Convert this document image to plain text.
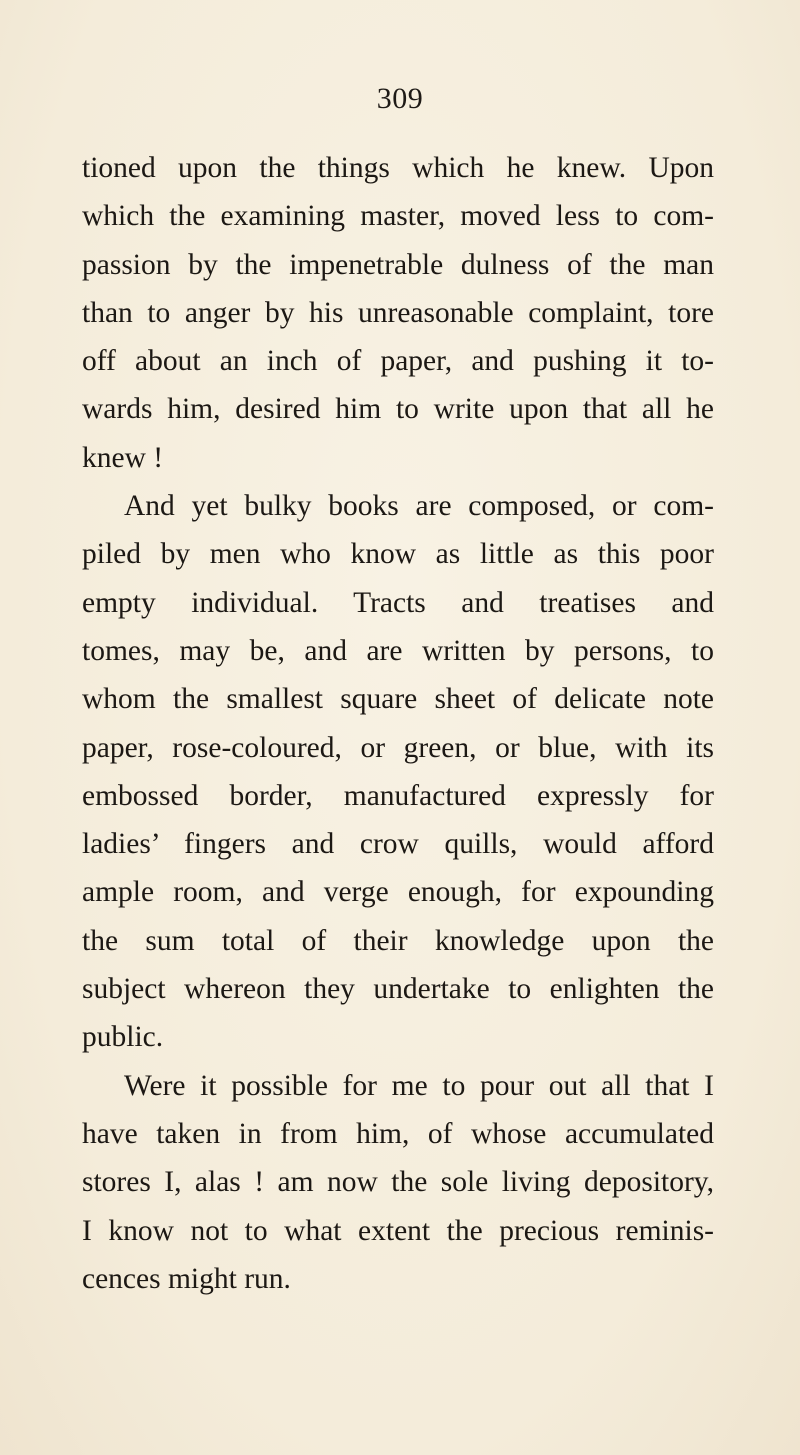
309
tioned upon the things which he knew. Upon
which the examining master, moved less to com-
passion by the impenetrable dulness of the man
than to anger by his unreasonable complaint, tore
off about an inch of paper, and pushing it to-
wards him, desired him to write upon that all he
knew !
And yet bulky books are composed, or com-
piled by men who know as little as this poor
empty individual. Tracts and treatises and
tomes, may be, and are written by persons, to
whom the smallest square sheet of delicate note
paper, rose-coloured, or green, or blue, with its
embossed border, manufactured expressly for
ladies’ fingers and crow quills, would afford
ample room, and verge enough, for expounding
the sum total of their knowledge upon the
subject whereon they undertake to enlighten the
public.
Were it possible for me to pour out all that I
have taken in from him, of whose accumulated
stores I, alas ! am now the sole living depository,
I know not to what extent the precious reminis-
cences might run.
